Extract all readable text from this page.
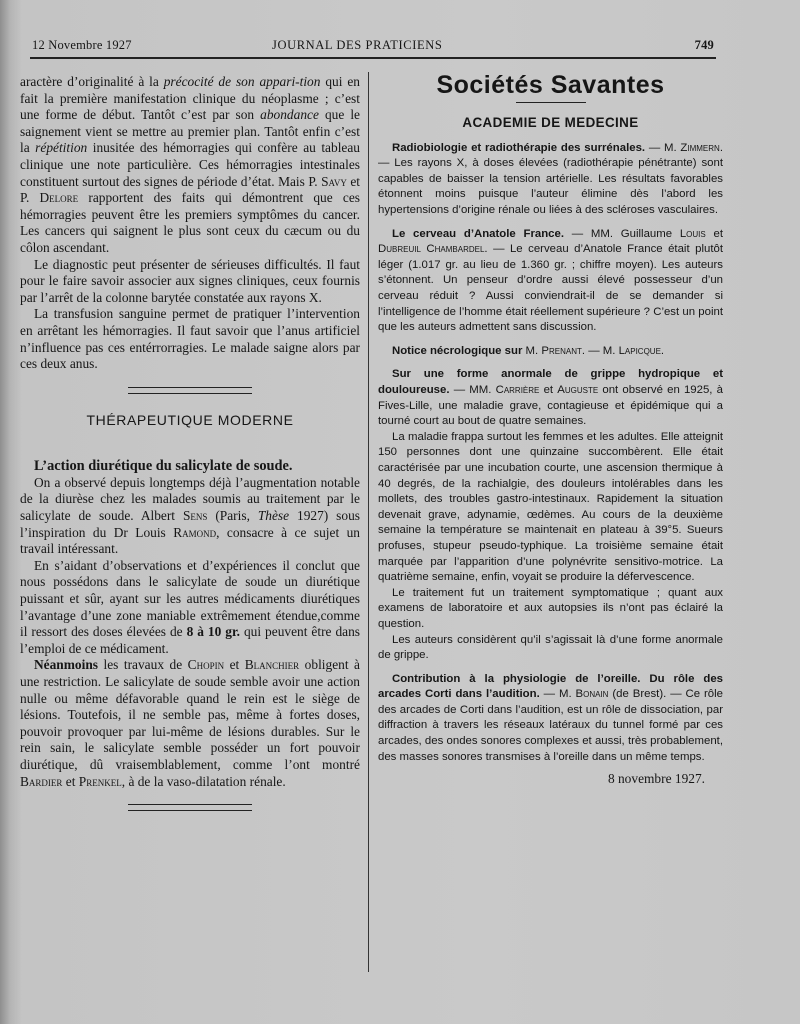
12 Novembre 1927	JOURNAL DES PRATICIENS	749

aractère d’originalité à la précocité de son appari-tion qui en fait la première manifestation clinique du néoplasme ; c’est une forme de début. Tantôt c’est par son abondance que le saignement vient se mettre au premier plan. Tantôt enfin c’est la répétition inusitée des hémorragies qui confère au tableau clinique une note particulière. Ces hémorragies intestinales constituent surtout des signes de période d’état. Mais P. Savy et P. Delore rapportent des faits qui démontrent que ces hémorragies peuvent être les premiers symptômes du cancer. Les cancers qui saignent le plus sont ceux du cæcum ou du côlon ascendant.

Le diagnostic peut présenter de sérieuses difficultés. Il faut pour le faire savoir associer aux signes cliniques, ceux fournis par l’arrêt de la colonne barytée constatée aux rayons X.

La transfusion sanguine permet de pratiquer l’intervention en arrêtant les hémorragies. Il faut savoir que l’anus artificiel n’influence pas ces entérrorragies. Le malade saigne alors par ces deux anus.

THÉRAPEUTIQUE MODERNE

L’action diurétique du salicylate de soude.

On a observé depuis longtemps déjà l’augmentation notable de la diurèse chez les malades soumis au traitement par le salicylate de soude. Albert Sens (Paris, Thèse 1927) sous l’inspiration du Dr Louis Ramond, consacre à ce sujet un travail intéressant.

En s’aidant d’observations et d’expériences il conclut que nous possédons dans le salicylate de soude un diurétique puissant et sûr, ayant sur les autres médicaments diurétiques l’avantage d’une zone maniable extrêmement étendue,comme il ressort des doses élevées de 8 à 10 gr. qui peuvent être dans l’emploi de ce médicament.

Néanmoins les travaux de Chopin et Blanchier obligent à une restriction. Le salicylate de soude semble avoir une action nulle ou même défavorable quand le rein est le siège de lésions. Toutefois, il ne semble pas, même à fortes doses, pouvoir provoquer par lui-même de lésions durables. Sur le rein sain, le salicylate semble posséder un fort pouvoir diurétique, dû vraisemblablement, comme l’ont montré Bardier et Prenkel, à de la vaso-dilatation rénale.

Sociétés Savantes
ACADEMIE DE MEDECINE

Radiobiologie et radiothérapie des surrénales. — M. Zimmern. — Les rayons X, à doses élevées (radiothérapie pénétrante) sont capables de baisser la tension artérielle. Les résultats favorables étonnent moins puisque l’auteur élimine dès l’abord les hypertensions d’origine rénale ou liées à des scléroses vasculaires.

Le cerveau d’Anatole France. — MM. Guillaume Louis et Dubreuil Chambardel. — Le cerveau d’Anatole France était plutôt léger (1.017 gr. au lieu de 1.360 gr. ; chiffre moyen). Les auteurs s’étonnent. Un penseur d’ordre aussi élevé possesseur d’un cerveau réduit ? Aussi conviendrait-il de se demander si l’intelligence de l’homme était réellement supérieure ? C’est un point que les auteurs admettent sans discussion.

Notice nécrologique sur M. Prenant. — M. Lapicque.

Sur une forme anormale de grippe hydropique et douloureuse. — MM. Carrière et Auguste ont observé en 1925, à Fives-Lille, une maladie grave, contagieuse et épidémique qui a tourné court au bout de quatre semaines.

La maladie frappa surtout les femmes et les adultes. Elle atteignit 150 personnes dont une quinzaine succombèrent. Elle était caractérisée par une incubation courte, une ascension thermique à 40 degrés, de la rachialgie, des douleurs intolérables dans les mollets, des troubles gastro-intestinaux. Rapidement la situation devenait grave, adynamie, œdèmes. Au cours de la deuxième semaine la température se maintenait en plateau à 39°5. Sueurs profuses, stupeur pseudo-typhique. La troisième semaine était marquée par l’apparition d’une polynévrite sensitivo-motrice. La quatrième semaine, enfin, voyait se produire la défervescence.

Le traitement fut un traitement symptomatique ; quant aux examens de laboratoire et aux autopsies ils n’ont pas éclairé la question.

Les auteurs considèrent qu’il s’agissait là d’une forme anormale de grippe.

Contribution à la physiologie de l’oreille. Du rôle des arcades Corti dans l’audition. — M. Bonain (de Brest). — Ce rôle des arcades de Corti dans l’audition, est un rôle de dissociation, par diffraction à travers les réseaux latéraux du tunnel formé par ces arcades, des ondes sonores complexes et aussi, très probablement, des masses sonores transmises à l’oreille dans un même temps.

8 novembre 1927.
